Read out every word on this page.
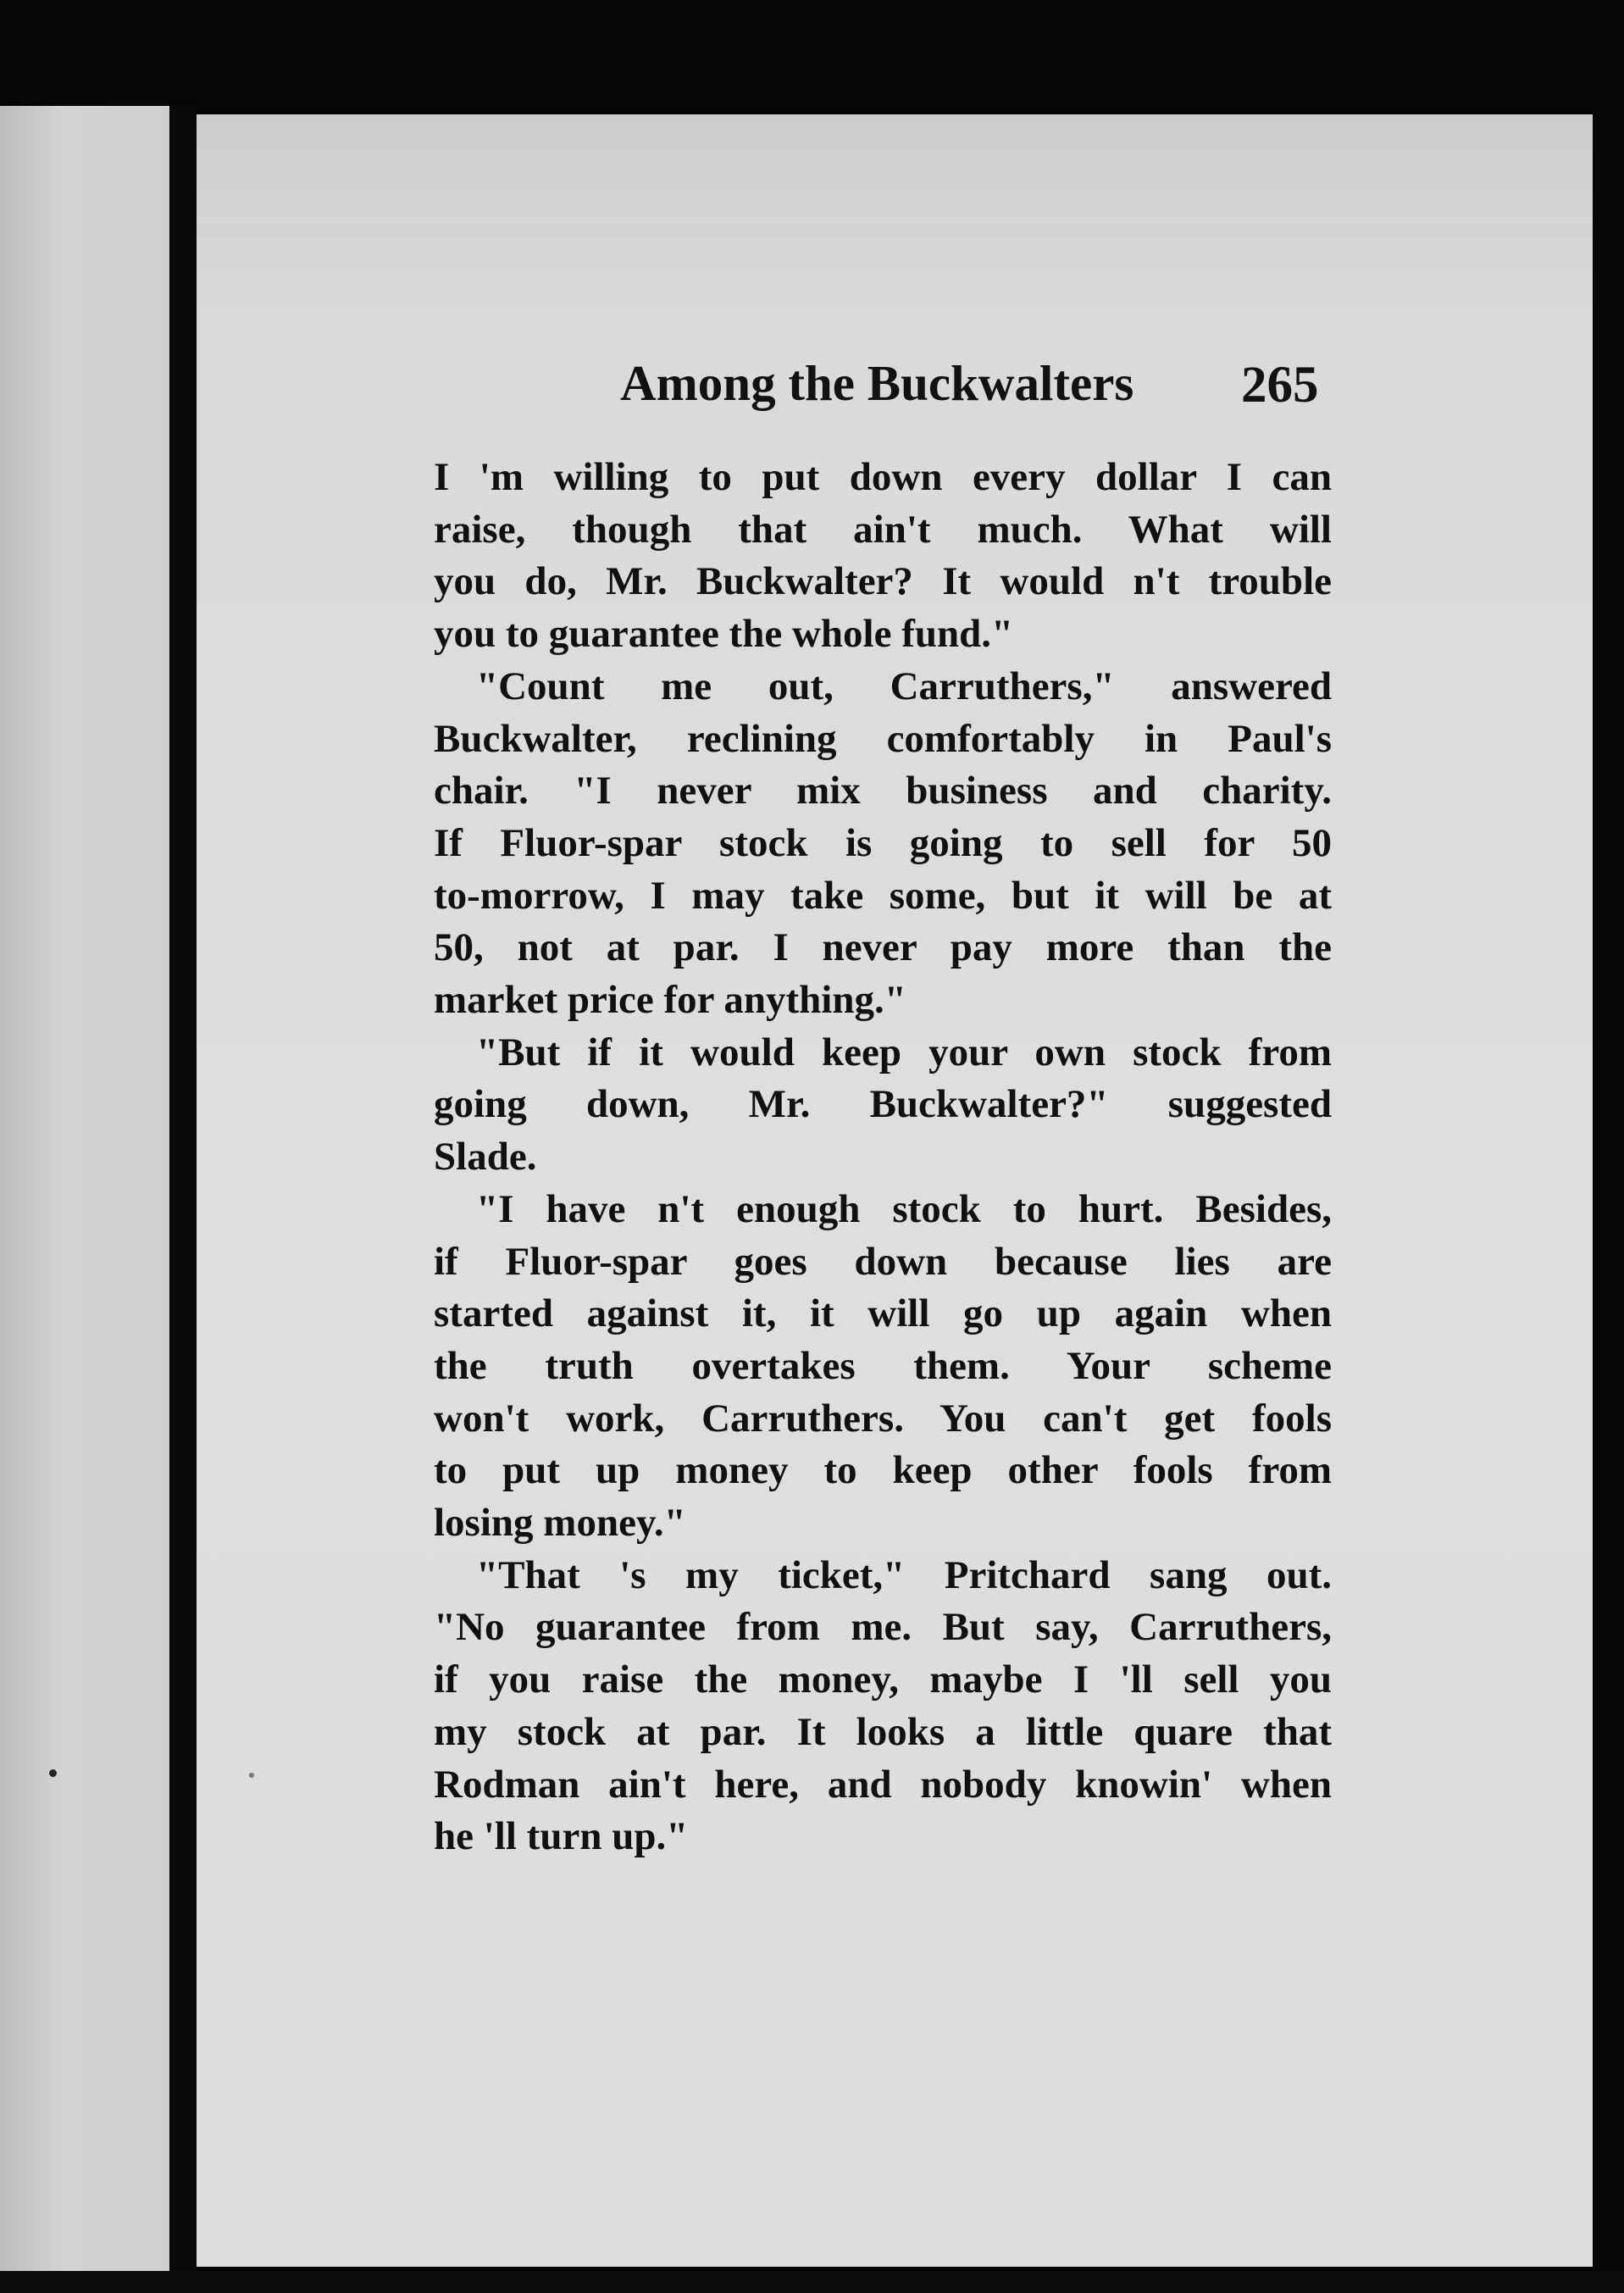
Among the Buckwalters 265
I 'm willing to put down every dollar I can
raise, though that ain't much. What will
you do, Mr. Buckwalter? It would n't trouble
you to guarantee the whole fund."
"Count me out, Carruthers," answered
Buckwalter, reclining comfortably in Paul's
chair. "I never mix business and charity.
If Fluor-spar stock is going to sell for 50
to-morrow, I may take some, but it will be at
50, not at par. I never pay more than the
market price for anything."
"But if it would keep your own stock from
going down, Mr. Buckwalter?" suggested
Slade.
"I have n't enough stock to hurt. Besides,
if Fluor-spar goes down because lies are
started against it, it will go up again when
the truth overtakes them. Your scheme
won't work, Carruthers. You can't get fools
to put up money to keep other fools from
losing money."
"That 's my ticket," Pritchard sang out.
"No guarantee from me. But say, Carruthers,
if you raise the money, maybe I 'll sell you
my stock at par. It looks a little quare that
Rodman ain't here, and nobody knowin' when
he 'll turn up."
